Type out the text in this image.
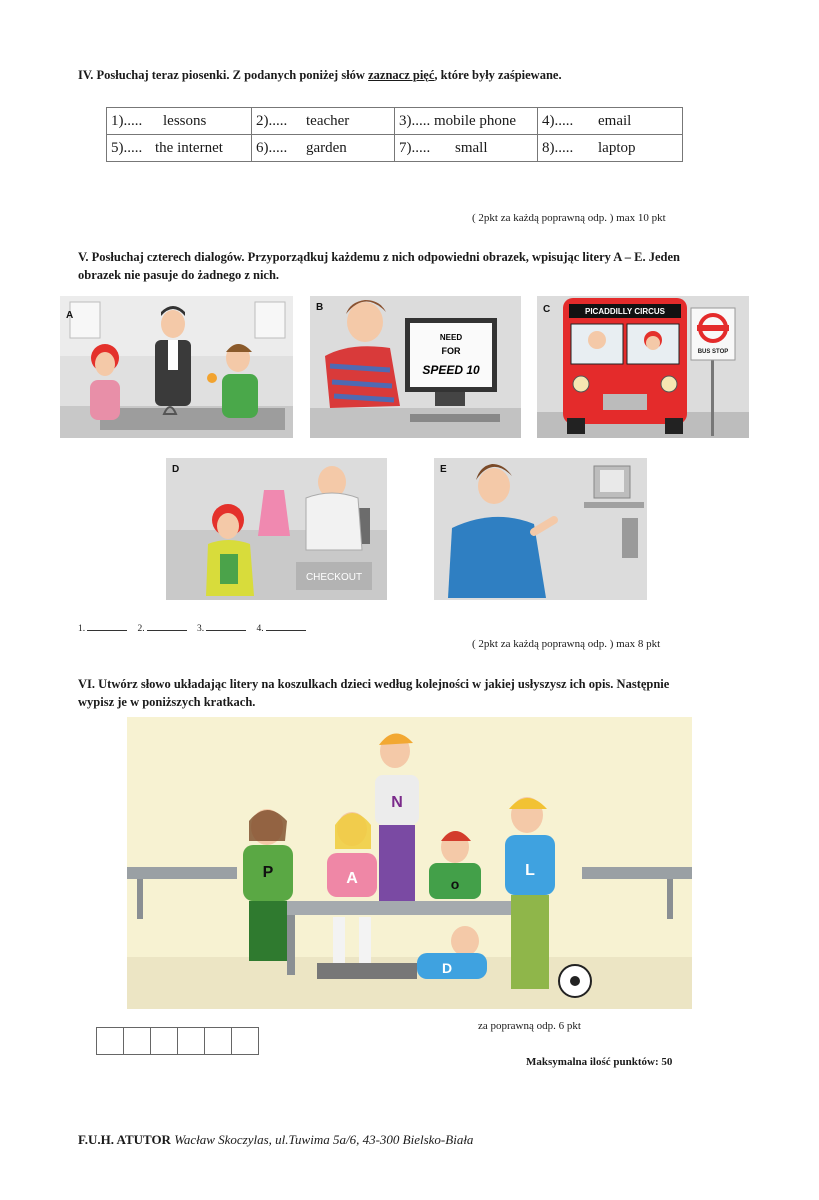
IV. Posłuchaj teraz piosenki. Z podanych poniżej słów zaznacz pięć, które były zaśpiewane.
1)..... lessons	2)..... teacher	3)..... mobile phone	4)..... email
5)..... the internet	6)..... garden	7)..... small	8)..... laptop
( 2pkt za każdą poprawną odp. ) max 10 pkt
V. Posłuchaj czterech dialogów. Przyporządkuj każdemu z nich odpowiedni obrazek, wpisując litery A – E. Jeden
obrazek nie pasuje do żadnego z nich.
A
NEED
FOR
SPEED 10
B	PICADDILLY CIRCUS
BUS STOP
C
CHECKOUT
D	E
1.	2.	3.	4.
( 2pkt za każdą poprawną odp. ) max 8 pkt
VI. Utwórz słowo układając litery na koszulkach dzieci według kolejności w jakiej usłyszysz ich opis. Następnie
wypisz je w poniższych kratkach.
P	A
N
o
L
D
za poprawną odp. 6 pkt
Maksymalna ilość punktów: 50
F.U.H. ATUTOR Wacław Skoczylas, ul.Tuwima 5a/6, 43-300 Bielsko-Biała
